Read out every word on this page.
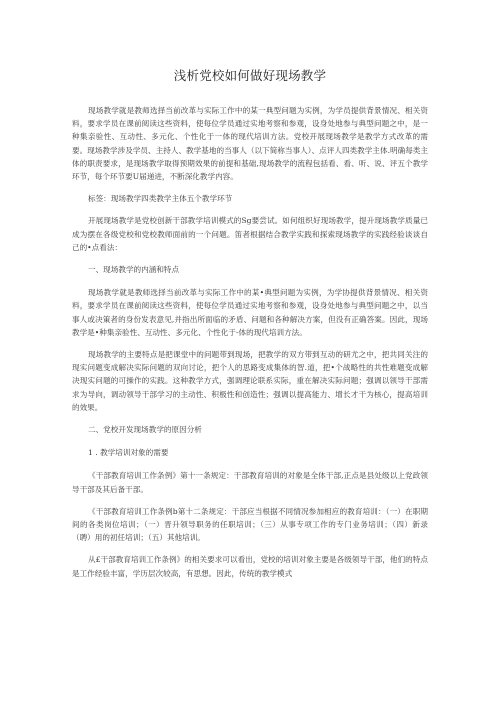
浅析党校如何做好现场教学

现场教学就是教师选择当前改革与实际工作中的某一典型问题为实例，为学员提供背景情况、相关资料，要求学员在课前阅读这些资料，使每位学员通过实地考察和参观，设身处地参与典型问题之中，是一种集亲验性、互动性、多元化、个性化于一体的现代培训方法。党校开展现场教学是教学方式改革的需要。现场教学涉及学员、主持人、教学基地的当事人（以下简称当事人）、点评人四类教学主体.明确每类主体的职责要求，是现场教学取得预期效果的前提和基础,现场教学的流程包括看、看、听、说、评五个教学环节，每个环节要U届递进，不断深化教学内容。

标签：现场教学四类教学主体五个教学环节

开展现场教学是党校创新干部教学培训模式的Sg要尝试。如何组织好现场教学，提升现场教学质量已成为摆在各级党校和党校教师面前的一个问题。笛者根据结合教学实践和探索现场教学的实践经验谈谈自己的•点看法：

一、现场教学的内涵和特点

现场教学就是教师选择当前改革与实际工作中的某•典型问题为实例，为学协提供背景情况、相关资料，要求学员在课前阅读这些资料，使每位学员通过实地考察和参观，设身处地参与典型问题之中，以当事人或决策者的身份发表意见,并指出所面临的矛盾、问题和各种解决方案，但没有正确答案。因此，现场教学是•种集亲验性、互动性、多元化、个性化于-体的现代培训方法。

现场教学的主要特点是把课堂中的问题带到现场，把教学的双方带到互动的研尤之中，把共同关注的现实问题变成解决实际问题的双向讨论，把个人的思路变成集体的智.道，把•个战略性的共性难题变成解决现实问题的可操作的实践。这种教学方式，强调理论联系实际，重在解决实际问题；强调以领导干部需求为导向，调动领导干部学习的主动性、积极性和创造性；强调以提高能力、增长才干为核心，提高培训的效果。

二、党校开发现场教学的原因分析

1 . 教学培训对象的需要

《干部教育培训工作条例》第十一条规定：干部教育培训的对象是全体干部,正点是县处级以上党政领导干部及其后备干部。

《干部教育培训工作条例b第十二条规定：干部应当根据不同情况参加相应的教育培训：（一）在职期间的各类岗位培训；（一）晋升领导职务的任职培训；（三）从事专项工作的专门业务培训；（四）新录（聘）用的初任培训；（五）其他培训。

从£干部教育培训工作条例》的相关要求可以看出，党校的培训对象主要是各级领导干部，他们的特点是工作经验丰富，学历层次较高，有思想。因此，传统的教学模式
